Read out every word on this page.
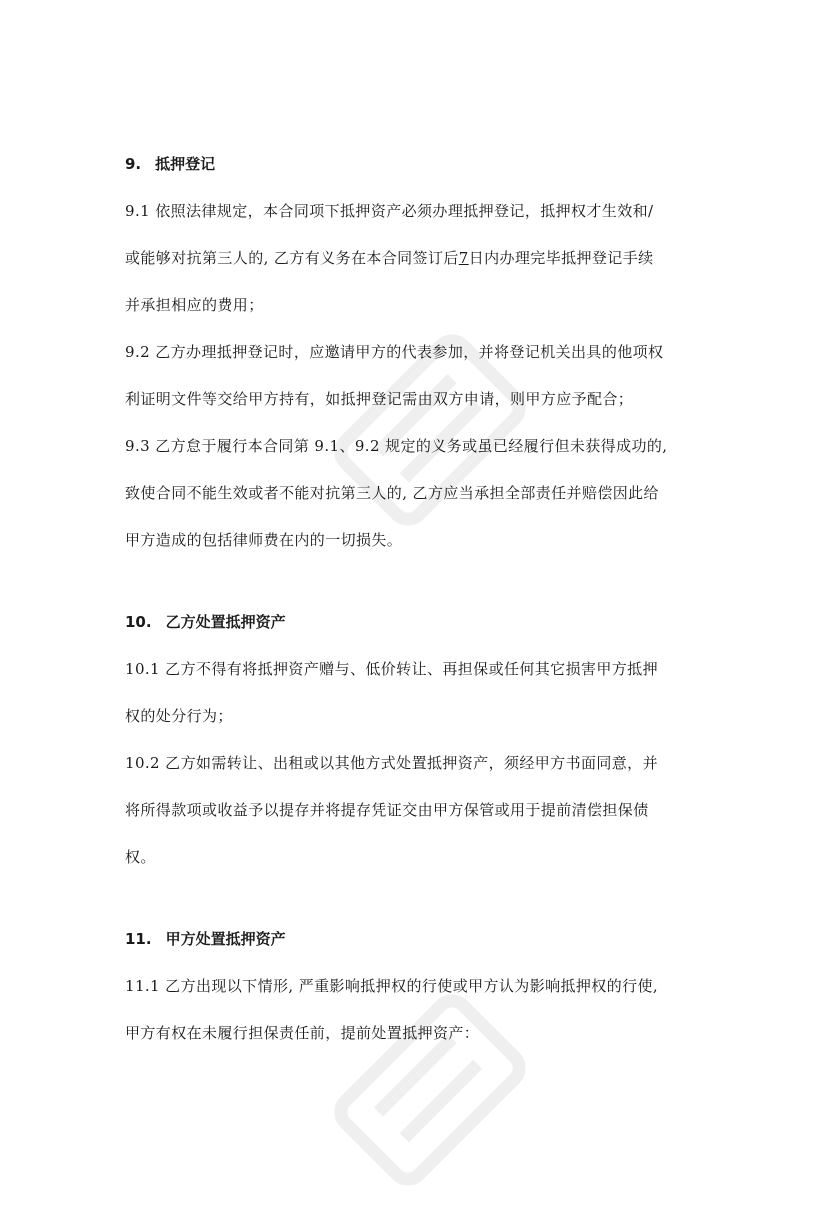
9. 抵押登记

9.1 依照法律规定，本合同项下抵押资产必须办理抵押登记，抵押权才生效和/
或能够对抗第三人的, 乙方有义务在本合同签订后7日内办理完毕抵押登记手续
并承担相应的费用；

9.2 乙方办理抵押登记时，应邀请甲方的代表参加，并将登记机关出具的他项权
利证明文件等交给甲方持有，如抵押登记需由双方申请，则甲方应予配合；

9.3 乙方怠于履行本合同第 9.1、9.2 规定的义务或虽已经履行但未获得成功的,
致使合同不能生效或者不能对抗第三人的, 乙方应当承担全部责任并赔偿因此给
甲方造成的包括律师费在内的一切损失。

10. 乙方处置抵押资产

10.1 乙方不得有将抵押资产赠与、低价转让、再担保或任何其它损害甲方抵押
权的处分行为；

10.2 乙方如需转让、出租或以其他方式处置抵押资产，须经甲方书面同意，并
将所得款项或收益予以提存并将提存凭证交由甲方保管或用于提前清偿担保债
权。

11. 甲方处置抵押资产

11.1 乙方出现以下情形, 严重影响抵押权的行使或甲方认为影响抵押权的行使,
甲方有权在未履行担保责任前，提前处置抵押资产：
